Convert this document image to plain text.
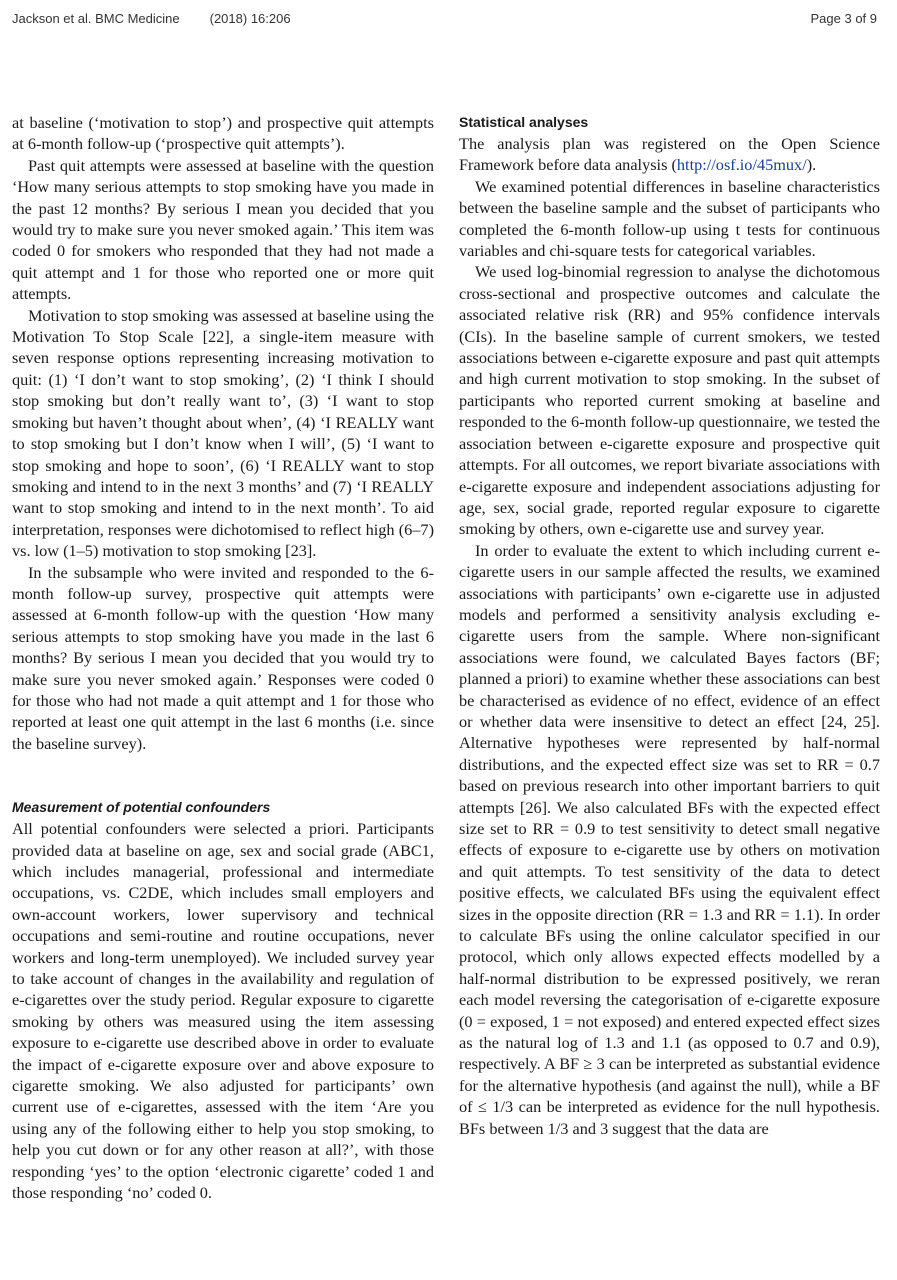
Jackson et al. BMC Medicine (2018) 16:206	Page 3 of 9

at baseline (‘motivation to stop’) and prospective quit attempts at 6-month follow-up (‘prospective quit attempts’).

Past quit attempts were assessed at baseline with the question ‘How many serious attempts to stop smoking have you made in the past 12 months? By serious I mean you decided that you would try to make sure you never smoked again.’ This item was coded 0 for smokers who responded that they had not made a quit attempt and 1 for those who reported one or more quit attempts.

Motivation to stop smoking was assessed at baseline using the Motivation To Stop Scale [22], a single-item measure with seven response options representing increasing motivation to quit: (1) ‘I don’t want to stop smoking’, (2) ‘I think I should stop smoking but don’t really want to’, (3) ‘I want to stop smoking but haven’t thought about when’, (4) ‘I REALLY want to stop smoking but I don’t know when I will’, (5) ‘I want to stop smoking and hope to soon’, (6) ‘I REALLY want to stop smoking and intend to in the next 3 months’ and (7) ‘I REALLY want to stop smoking and intend to in the next month’. To aid interpretation, responses were dichotomised to reflect high (6–7) vs. low (1–5) motivation to stop smoking [23].

In the subsample who were invited and responded to the 6-month follow-up survey, prospective quit attempts were assessed at 6-month follow-up with the question ‘How many serious attempts to stop smoking have you made in the last 6 months? By serious I mean you decided that you would try to make sure you never smoked again.’ Responses were coded 0 for those who had not made a quit attempt and 1 for those who reported at least one quit attempt in the last 6 months (i.e. since the baseline survey).

Measurement of potential confounders

All potential confounders were selected a priori. Participants provided data at baseline on age, sex and social grade (ABC1, which includes managerial, professional and intermediate occupations, vs. C2DE, which includes small employers and own-account workers, lower supervisory and technical occupations and semi-routine and routine occupations, never workers and long-term unemployed). We included survey year to take account of changes in the availability and regulation of e-cigarettes over the study period. Regular exposure to cigarette smoking by others was measured using the item assessing exposure to e-cigarette use described above in order to evaluate the impact of e-cigarette exposure over and above exposure to cigarette smoking. We also adjusted for participants’ own current use of e-cigarettes, assessed with the item ‘Are you using any of the following either to help you stop smoking, to help you cut down or for any other reason at all?’, with those responding ‘yes’ to the option ‘electronic cigarette’ coded 1 and those responding ‘no’ coded 0.

Statistical analyses

The analysis plan was registered on the Open Science Framework before data analysis (http://osf.io/45mux/).

We examined potential differences in baseline characteristics between the baseline sample and the subset of participants who completed the 6-month follow-up using t tests for continuous variables and chi-square tests for categorical variables.

We used log-binomial regression to analyse the dichotomous cross-sectional and prospective outcomes and calculate the associated relative risk (RR) and 95% confidence intervals (CIs). In the baseline sample of current smokers, we tested associations between e-cigarette exposure and past quit attempts and high current motivation to stop smoking. In the subset of participants who reported current smoking at baseline and responded to the 6-month follow-up questionnaire, we tested the association between e-cigarette exposure and prospective quit attempts. For all outcomes, we report bivariate associations with e-cigarette exposure and independent associations adjusting for age, sex, social grade, reported regular exposure to cigarette smoking by others, own e-cigarette use and survey year.

In order to evaluate the extent to which including current e-cigarette users in our sample affected the results, we examined associations with participants’ own e-cigarette use in adjusted models and performed a sensitivity analysis excluding e-cigarette users from the sample. Where non-significant associations were found, we calculated Bayes factors (BF; planned a priori) to examine whether these associations can best be characterised as evidence of no effect, evidence of an effect or whether data were insensitive to detect an effect [24, 25]. Alternative hypotheses were represented by half-normal distributions, and the expected effect size was set to RR = 0.7 based on previous research into other important barriers to quit attempts [26]. We also calculated BFs with the expected effect size set to RR = 0.9 to test sensitivity to detect small negative effects of exposure to e-cigarette use by others on motivation and quit attempts. To test sensitivity of the data to detect positive effects, we calculated BFs using the equivalent effect sizes in the opposite direction (RR = 1.3 and RR = 1.1). In order to calculate BFs using the online calculator specified in our protocol, which only allows expected effects modelled by a half-normal distribution to be expressed positively, we reran each model reversing the categorisation of e-cigarette exposure (0 = exposed, 1 = not exposed) and entered expected effect sizes as the natural log of 1.3 and 1.1 (as opposed to 0.7 and 0.9), respectively. A BF ≥ 3 can be interpreted as substantial evidence for the alternative hypothesis (and against the null), while a BF of ≤ 1/3 can be interpreted as evidence for the null hypothesis. BFs between 1/3 and 3 suggest that the data are
